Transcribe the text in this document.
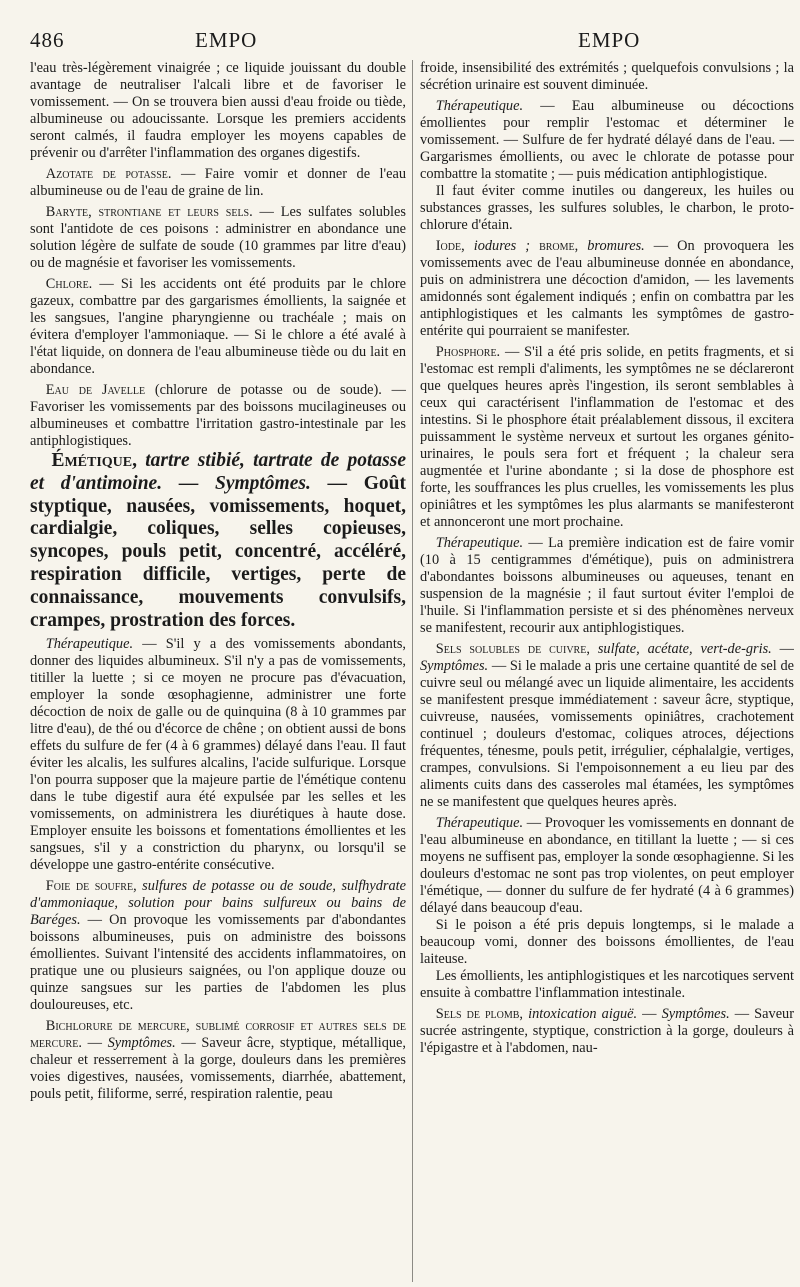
486	EMPO	EMPO

l'eau très-légèrement vinaigrée ; ce liquide jouissant du double avantage de neutraliser l'alcali libre et de favoriser le vomissement. — On se trouvera bien aussi d'eau froide ou tiède, albumineuse ou adoucissante. Lorsque les premiers accidents seront calmés, il faudra employer les moyens capables de prévenir ou d'arrêter l'inflammation des organes digestifs.

Azotate de potasse. — Faire vomir et donner de l'eau albumineuse ou de l'eau de graine de lin.

Baryte, strontiane et leurs sels. — Les sulfates solubles sont l'antidote de ces poisons : administrer en abondance une solution légère de sulfate de soude (10 grammes par litre d'eau) ou de magnésie et favoriser les vomissements.

Chlore. — Si les accidents ont été produits par le chlore gazeux, combattre par des gargarismes émollients, la saignée et les sangsues, l'angine pharyngienne ou trachéale ; mais on évitera d'employer l'ammoniaque. — Si le chlore a été avalé à l'état liquide, on donnera de l'eau albumineuse tiède ou du lait en abondance.

Eau de Javelle (chlorure de potasse ou de soude). — Favoriser les vomissements par des boissons mucilagineuses ou albumineuses et combattre l'irritation gastro-intestinale par les antiphlogistiques.

Émétique, tartre stibié, tartrate de potasse et d'antimoine. — Symptômes. — Goût styptique, nausées, vomissements, hoquet, cardialgie, coliques, selles copieuses, syncopes, pouls petit, concentré, accéléré, respiration difficile, vertiges, perte de connaissance, mouvements convulsifs, crampes, prostration des forces.

Thérapeutique. — S'il y a des vomissements abondants, donner des liquides albumineux. S'il n'y a pas de vomissements, titiller la luette ; si ce moyen ne procure pas d'évacuation, employer la sonde œsophagienne, administrer une forte décoction de noix de galle ou de quinquina (8 à 10 grammes par litre d'eau), de thé ou d'écorce de chêne ; on obtient aussi de bons effets du sulfure de fer (4 à 6 grammes) délayé dans l'eau. Il faut éviter les alcalis, les sulfures alcalins, l'acide sulfurique. Lorsque l'on pourra supposer que la majeure partie de l'émétique contenu dans le tube digestif aura été expulsée par les selles et les vomissements, on administrera les diurétiques à haute dose. Employer ensuite les boissons et fomentations émollientes et les sangsues, s'il y a constriction du pharynx, ou lorsqu'il se développe une gastro-entérite consécutive.

Foie de soufre, sulfures de potasse ou de soude, sulfhydrate d'ammoniaque, solution pour bains sulfureux ou bains de Baréges. — On provoque les vomissements par d'abondantes boissons albumineuses, puis on administre des boissons émollientes. Suivant l'intensité des accidents inflammatoires, on pratique une ou plusieurs saignées, ou l'on applique douze ou quinze sangsues sur les parties de l'abdomen les plus douloureuses, etc.

Bichlorure de mercure, sublimé corrosif et autres sels de mercure. — Symptômes. — Saveur âcre, styptique, métallique, chaleur et resserrement à la gorge, douleurs dans les premières voies digestives, nausées, vomissements, diarrhée, abattement, pouls petit, filiforme, serré, respiration ralentie, peau

froide, insensibilité des extrémités ; quelquefois convulsions ; la sécrétion urinaire est souvent diminuée.

Thérapeutique. — Eau albumineuse ou décoctions émollientes pour remplir l'estomac et déterminer le vomissement. — Sulfure de fer hydraté délayé dans de l'eau. — Gargarismes émollients, ou avec le chlorate de potasse pour combattre la stomatite ; — puis médication antiphlogistique.

Il faut éviter comme inutiles ou dangereux, les huiles ou substances grasses, les sulfures solubles, le charbon, le proto-chlorure d'étain.

Iode, iodures ; brome, bromures. — On provoquera les vomissements avec de l'eau albumineuse donnée en abondance, puis on administrera une décoction d'amidon, — les lavements amidonnés sont également indiqués ; enfin on combattra par les antiphlogistiques et les calmants les symptômes de gastro-entérite qui pourraient se manifester.

Phosphore. — S'il a été pris solide, en petits fragments, et si l'estomac est rempli d'aliments, les symptômes ne se déclareront que quelques heures après l'ingestion, ils seront semblables à ceux qui caractérisent l'inflammation de l'estomac et des intestins. Si le phosphore était préalablement dissous, il excitera puissamment le système nerveux et surtout les organes génito-urinaires, le pouls sera fort et fréquent ; la chaleur sera augmentée et l'urine abondante ; si la dose de phosphore est forte, les souffrances les plus cruelles, les vomissements les plus opiniâtres et les symptômes les plus alarmants se manifesteront et annonceront une mort prochaine.

Thérapeutique. — La première indication est de faire vomir (10 à 15 centigrammes d'émétique), puis on administrera d'abondantes boissons albumineuses ou aqueuses, tenant en suspension de la magnésie ; il faut surtout éviter l'emploi de l'huile. Si l'inflammation persiste et si des phénomènes nerveux se manifestent, recourir aux antiphlogistiques.

Sels solubles de cuivre, sulfate, acétate, vert-de-gris. — Symptômes. — Si le malade a pris une certaine quantité de sel de cuivre seul ou mélangé avec un liquide alimentaire, les accidents se manifestent presque immédiatement : saveur âcre, styptique, cuivreuse, nausées, vomissements opiniâtres, crachotement continuel ; douleurs d'estomac, coliques atroces, déjections fréquentes, ténesme, pouls petit, irrégulier, céphalalgie, vertiges, crampes, convulsions. Si l'empoisonnement a eu lieu par des aliments cuits dans des casseroles mal étamées, les symptômes ne se manifestent que quelques heures après.

Thérapeutique. — Provoquer les vomissements en donnant de l'eau albumineuse en abondance, en titillant la luette ; — si ces moyens ne suffisent pas, employer la sonde œsophagienne. Si les douleurs d'estomac ne sont pas trop violentes, on peut employer l'émétique, — donner du sulfure de fer hydraté (4 à 6 grammes) délayé dans beaucoup d'eau.

Si le poison a été pris depuis longtemps, si le malade a beaucoup vomi, donner des boissons émollientes, de l'eau laiteuse.

Les émollients, les antiphlogistiques et les narcotiques servent ensuite à combattre l'inflammation intestinale.

Sels de plomb, intoxication aiguë. — Symptômes. — Saveur sucrée astringente, styptique, constriction à la gorge, douleurs à l'épigastre et à l'abdomen, nau-
